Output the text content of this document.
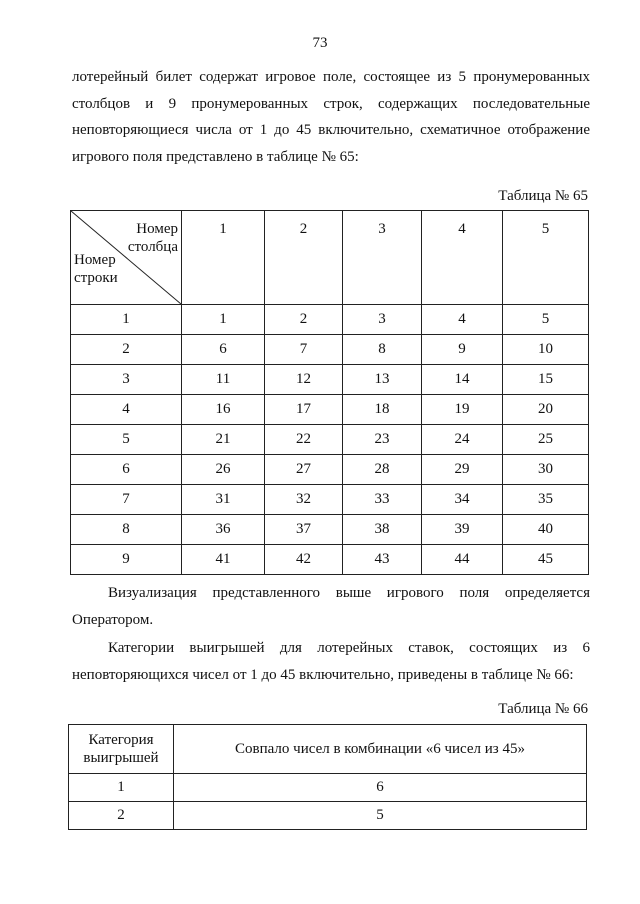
73

лотерейный билет содержат игровое поле, состоящее из 5 пронумерованных
столбцов и 9 пронумерованных строк, содержащих последовательные
неповторяющиеся числа от 1 до 45 включительно, схематичное отображение
игрового поля представлено в таблице № 65:

Таблица № 65
Номер
столбца
Номер
строки	1	2	3	4	5
1	1	2	3	4	5
2	6	7	8	9	10
3	11	12	13	14	15
4	16	17	18	19	20
5	21	22	23	24	25
6	26	27	28	29	30
7	31	32	33	34	35
8	36	37	38	39	40
9	41	42	43	44	45

Визуализация представленного выше игрового поля определяется
Оператором.

Категории выигрышей для лотерейных ставок, состоящих из 6
неповторяющихся чисел от 1 до 45 включительно, приведены в таблице № 66:

Таблица № 66
Категория
выигрышей	Совпало чисел в комбинации «6 чисел из 45»
1	6
2	5
